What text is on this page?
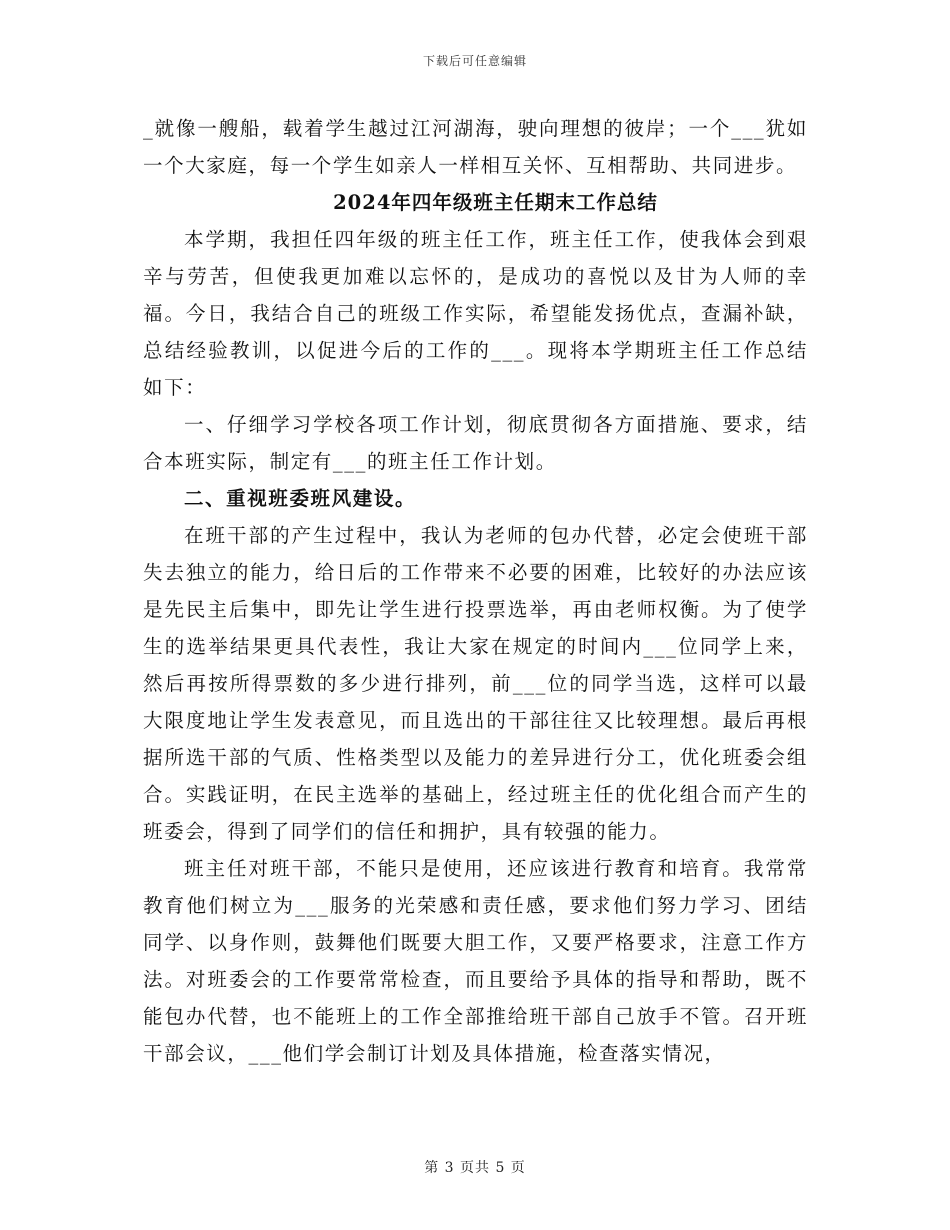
下载后可任意编辑

_就像一艘船，载着学生越过江河湖海，驶向理想的彼岸；一个___犹如一个大家庭，每一个学生如亲人一样相互关怀、互相帮助、共同进步。

2024年四年级班主任期末工作总结

本学期，我担任四年级的班主任工作，班主任工作，使我体会到艰辛与劳苦，但使我更加难以忘怀的，是成功的喜悦以及甘为人师的幸福。今日，我结合自己的班级工作实际，希望能发扬优点，查漏补缺，总结经验教训，以促进今后的工作的___。现将本学期班主任工作总结如下：

一、仔细学习学校各项工作计划，彻底贯彻各方面措施、要求，结合本班实际，制定有___的班主任工作计划。

二、重视班委班风建设。

在班干部的产生过程中，我认为老师的包办代替，必定会使班干部失去独立的能力，给日后的工作带来不必要的困难，比较好的办法应该是先民主后集中，即先让学生进行投票选举，再由老师权衡。为了使学生的选举结果更具代表性，我让大家在规定的时间内___位同学上来，然后再按所得票数的多少进行排列，前___位的同学当选，这样可以最大限度地让学生发表意见，而且选出的干部往往又比较理想。最后再根据所选干部的气质、性格类型以及能力的差异进行分工，优化班委会组合。实践证明，在民主选举的基础上，经过班主任的优化组合而产生的班委会，得到了同学们的信任和拥护，具有较强的能力。

班主任对班干部，不能只是使用，还应该进行教育和培育。我常常教育他们树立为___服务的光荣感和责任感，要求他们努力学习、团结同学、以身作则，鼓舞他们既要大胆工作，又要严格要求，注意工作方法。对班委会的工作要常常检查，而且要给予具体的指导和帮助，既不能包办代替，也不能班上的工作全部推给班干部自己放手不管。召开班干部会议，___他们学会制订计划及具体措施，检查落实情况，

第 3 页共 5 页
